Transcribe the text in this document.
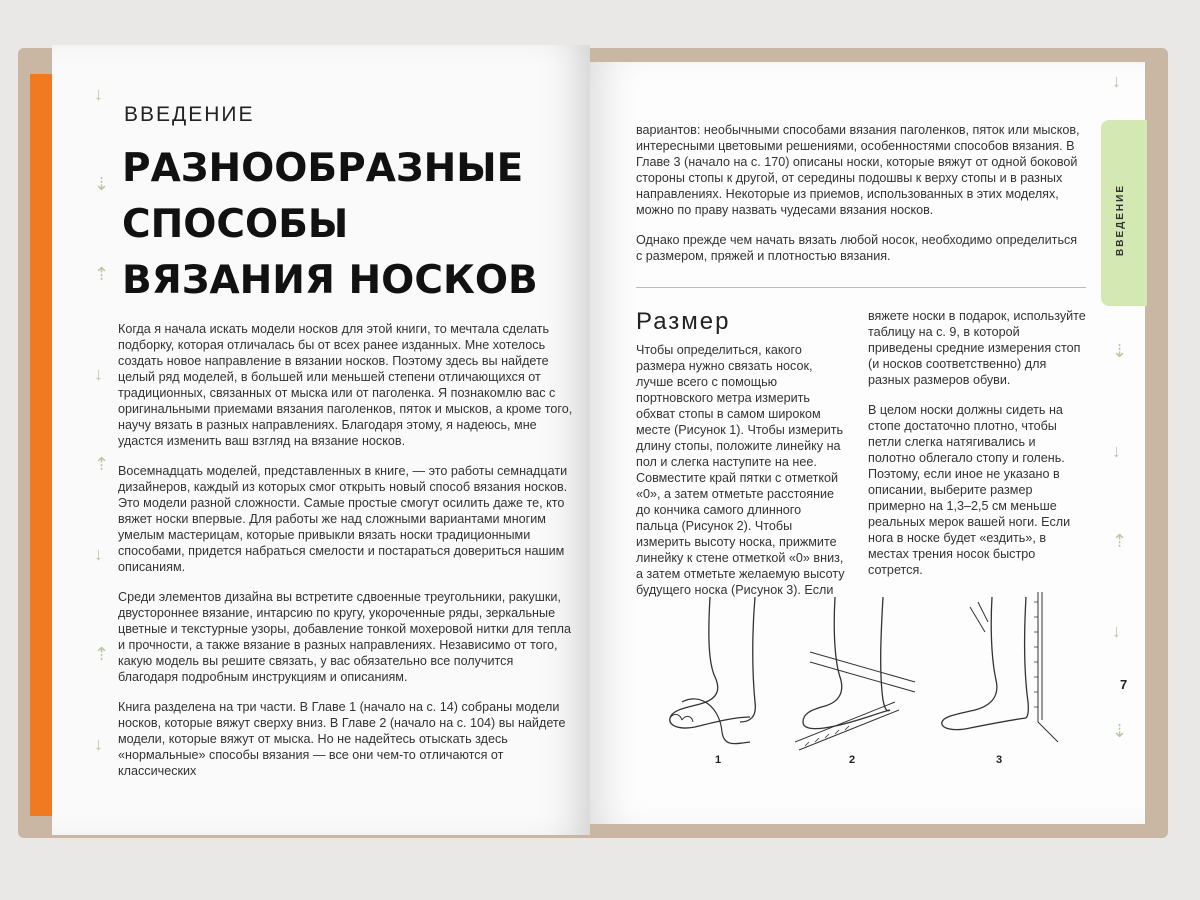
↓
⇣
⇡
↓
⇡
↓
⇡
↓
ВВЕДЕНИЕ
РАЗНООБРАЗНЫЕ
СПОСОБЫ
ВЯЗАНИЯ НОСКОВ

Когда я начала искать модели носков для этой книги, то мечтала сделать подборку, которая отличалась бы от всех ранее изданных. Мне хотелось создать новое направление в вязании носков. Поэтому здесь вы найдете целый ряд моделей, в большей или меньшей степени отличающихся от традиционных, связанных от мыска или от паголенка. Я познакомлю вас с оригинальными приемами вязания паголенков, пяток и мысков, а кроме того, научу вязать в разных направлениях. Благодаря этому, я надеюсь, мне удастся изменить ваш взгляд на вязание носков.

Восемнадцать моделей, представленных в книге, — это работы семнадцати дизайнеров, каждый из которых смог открыть новый способ вязания носков. Это модели разной сложности. Самые простые смогут осилить даже те, кто вяжет носки впервые. Для работы же над сложными вариантами многим умелым мастерицам, которые привыкли вязать носки традиционными способами, придется набраться смелости и постараться довериться нашим описаниям.

Среди элементов дизайна вы встретите сдвоенные треугольники, ракушки, двустороннее вязание, интарсию по кругу, укороченные ряды, зеркальные цветные и текстурные узоры, добавление тонкой мохеровой нитки для тепла и прочности, а также вязание в разных направлениях. Независимо от того, какую модель вы решите связать, у вас обязательно все получится благодаря подробным инструкциям и описаниям.

Книга разделена на три части. В Главе 1 (начало на с. 14) собраны модели носков, которые вяжут сверху вниз. В Главе 2 (начало на с. 104) вы найдете модели, которые вяжут от мыска. Но не надейтесь отыскать здесь «нормальные» способы вязания — все они чем-то отличаются от классических

↓
⇣
↓
⇡
↓
⇣
ВВЕДЕНИЕ

вариантов: необычными способами вязания паголенков, пяток или мысков, интересными цветовыми решениями, особенностями способов вязания. В Главе 3 (начало на с. 170) описаны носки, которые вяжут от одной боковой стороны стопы к другой, от середины подошвы к верху стопы и в разных направлениях. Некоторые из приемов, использованных в этих моделях, можно по праву назвать чудесами вязания носков.

Однако прежде чем начать вязать любой носок, необходимо определиться с размером, пряжей и плотностью вязания.

Размер

Чтобы определиться, какого размера нужно связать носок, лучше всего с помощью портновского метра измерить обхват стопы в самом широком месте (Рисунок 1). Чтобы измерить длину стопы, положите линейку на пол и слегка наступите на нее. Совместите край пятки с отметкой «0», а затем отметьте расстояние до кончика самого длинного пальца (Рисунок 2). Чтобы измерить высоту носка, прижмите линейку к стене отметкой «0» вниз, а затем отметьте желаемую высоту будущего носка (Рисунок 3). Если

вяжете носки в подарок, используйте таблицу на с. 9, в которой приведены средние измерения стоп (и носков соответственно) для разных размеров обуви.

В целом носки должны сидеть на стопе достаточно плотно, чтобы петли слегка натягивались и полотно облегало стопу и голень. Поэтому, если иное не указано в описании, выберите размер примерно на 1,3–2,5 см меньше реальных мерок вашей ноги. Если нога в носке будет «ездить», в местах трения носок быстро сотрется.

1	2	3
7
